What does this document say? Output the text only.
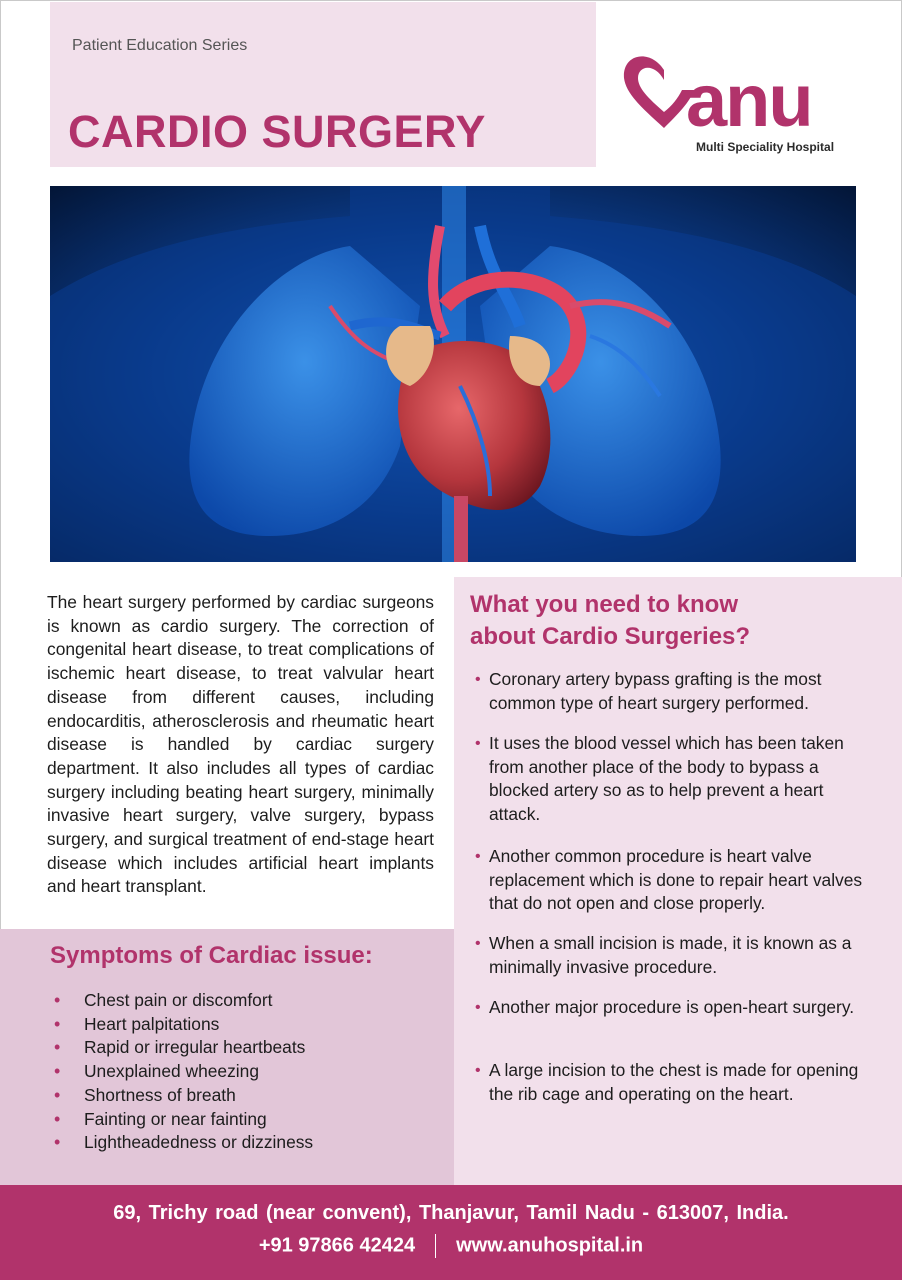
Patient Education Series
CARDIO SURGERY	anu
Multi Speciality Hospital

The heart surgery performed by cardiac surgeons is known as cardio surgery. The correction of congenital heart disease, to treat complications of ischemic heart disease, to treat valvular heart disease from different causes, including endocarditis, atherosclerosis and rheumatic heart disease is handled by cardiac surgery department. It also includes all types of cardiac surgery including beating heart surgery, minimally invasive heart surgery, valve surgery, bypass surgery, and surgical treatment of end-stage heart disease which includes artificial heart implants and heart transplant.

Symptoms of Cardiac issue:
• Chest pain or discomfort
• Heart palpitations
• Rapid or irregular heartbeats
• Unexplained wheezing
• Shortness of breath
• Fainting or near fainting
• Lightheadedness or dizziness
What you need to know
about Cardio Surgeries?
• Coronary artery bypass grafting is the most common type of heart surgery performed.
• It uses the blood vessel which has been taken from another place of the body to bypass a blocked artery so as to help prevent a heart attack.
• Another common procedure is heart valve replacement which is done to repair heart valves that do not open and close properly.
• When a small incision is made, it is known as a minimally invasive procedure.
• Another major procedure is open-heart surgery.
• A large incision to the chest is made for opening the rib cage and operating on the heart.
69, Trichy road (near convent), Thanjavur, Tamil Nadu - 613007, India.
+91 97866 42424 www.anuhospital.in
